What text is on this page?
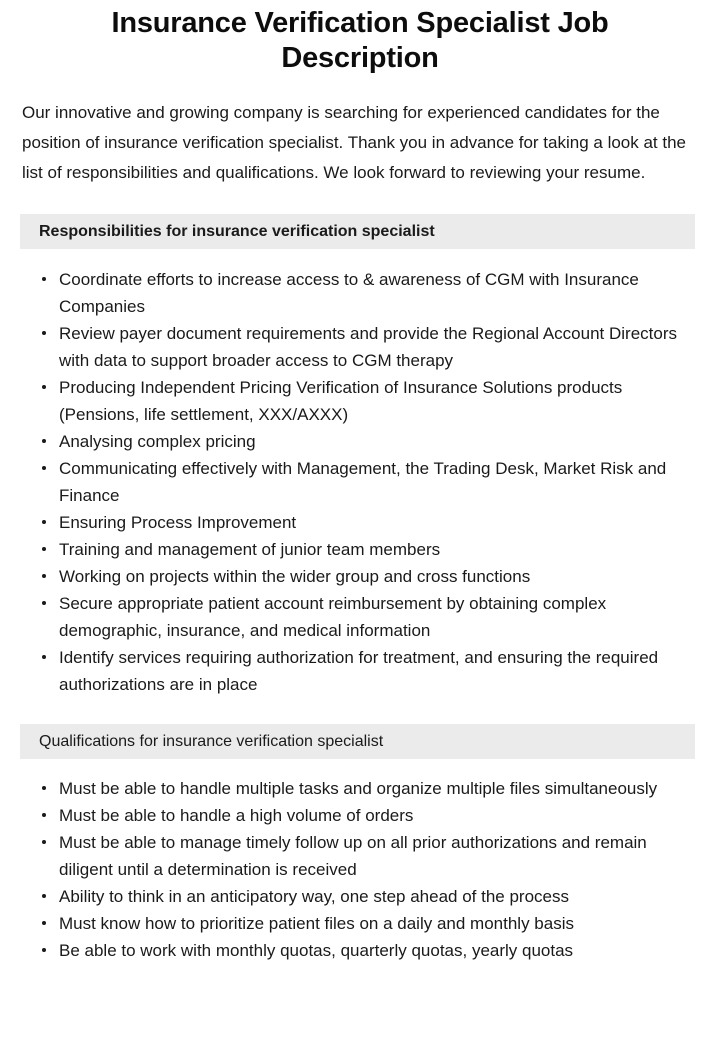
Insurance Verification Specialist Job Description

Our innovative and growing company is searching for experienced candidates for the position of insurance verification specialist. Thank you in advance for taking a look at the list of responsibilities and qualifications. We look forward to reviewing your resume.

Responsibilities for insurance verification specialist
Coordinate efforts to increase access to & awareness of CGM with Insurance Companies
Review payer document requirements and provide the Regional Account Directors with data to support broader access to CGM therapy
Producing Independent Pricing Verification of Insurance Solutions products (Pensions, life settlement, XXX/AXXX)
Analysing complex pricing
Communicating effectively with Management, the Trading Desk, Market Risk and Finance
Ensuring Process Improvement
Training and management of junior team members
Working on projects within the wider group and cross functions
Secure appropriate patient account reimbursement by obtaining complex demographic, insurance, and medical information
Identify services requiring authorization for treatment, and ensuring the required authorizations are in place
Qualifications for insurance verification specialist
Must be able to handle multiple tasks and organize multiple files simultaneously
Must be able to handle a high volume of orders
Must be able to manage timely follow up on all prior authorizations and remain diligent until a determination is received
Ability to think in an anticipatory way, one step ahead of the process
Must know how to prioritize patient files on a daily and monthly basis
Be able to work with monthly quotas, quarterly quotas, yearly quotas
